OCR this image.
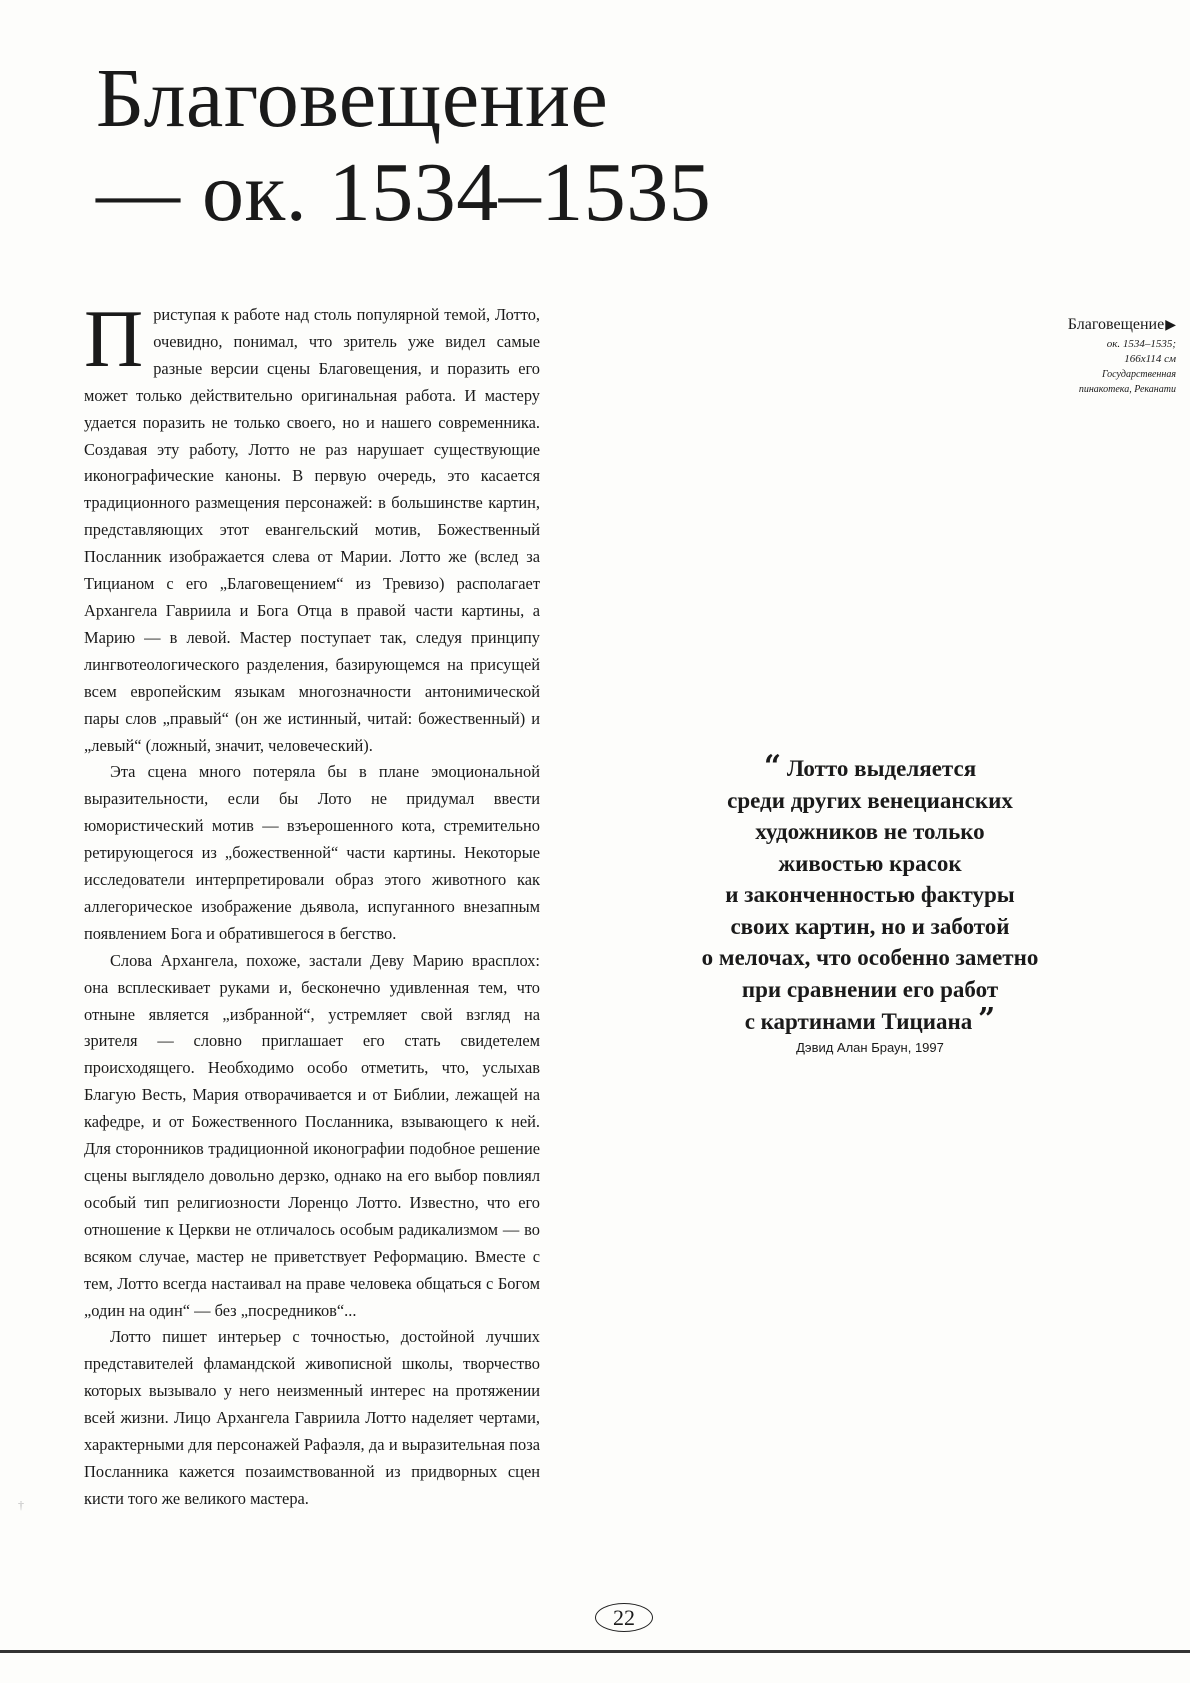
Благовещение
— ок. 1534–1535

Приступая к работе над столь популярной темой, Лотто, очевидно, понимал, что зритель уже видел самые разные версии сцены Благовещения, и поразить его может только действительно оригинальная работа. И мастеру удается поразить не только своего, но и нашего современника. Создавая эту работу, Лотто не раз нарушает существующие иконографические каноны. В первую очередь, это касается традиционного размещения персонажей: в большинстве картин, представляющих этот евангельский мотив, Божественный Посланник изображается слева от Марии. Лотто же (вслед за Тицианом с его „Благовещением“ из Тревизо) располагает Архангела Гавриила и Бога Отца в правой части картины, а Марию — в левой. Мастер поступает так, следуя принципу лингвотеологического разделения, базирующемся на присущей всем европейским языкам многозначности антонимической пары слов „правый“ (он же истинный, читай: божественный) и „левый“ (ложный, значит, человеческий).

Эта сцена много потеряла бы в плане эмоциональной выразительности, если бы Лото не придумал ввести юмористический мотив — взъерошенного кота, стремительно ретирующегося из „божественной“ части картины. Некоторые исследователи интерпретировали образ этого животного как аллегорическое изображение дьявола, испуганного внезапным появлением Бога и обратившегося в бегство.

Слова Архангела, похоже, застали Деву Марию врасплох: она всплескивает руками и, бесконечно удивленная тем, что отныне является „избранной“, устремляет свой взгляд на зрителя — словно приглашает его стать свидетелем происходящего. Необходимо особо отметить, что, услыхав Благую Весть, Мария отворачивается и от Библии, лежащей на кафедре, и от Божественного Посланника, взывающего к ней. Для сторонников традиционной иконографии подобное решение сцены выглядело довольно дерзко, однако на его выбор повлиял особый тип религиозности Лоренцо Лотто. Известно, что его отношение к Церкви не отличалось особым радикализмом — во всяком случае, мастер не приветствует Реформацию. Вместе с тем, Лотто всегда настаивал на праве человека общаться с Богом „один на один“ — без „посредников“...

Лотто пишет интерьер с точностью, достойной лучших представителей фламандской живописной школы, творчество которых вызывало у него неизменный интерес на протяжении всей жизни. Лицо Архангела Гавриила Лотто наделяет чертами, характерными для персонажей Рафаэля, да и выразительная поза Посланника кажется позаимствованной из придворных сцен кисти того же великого мастера.

Благовещение▶
ок. 1534–1535;
166x114 см
Государственная
пинакотека, Реканати
“ Лотто выделяется
среди других венецианских
художников не только
живостью красок
и законченностью фактуры
своих картин, но и заботой
о мелочах, что особенно заметно
при сравнении его работ
с картинами Тициана ”
Дэвид Алан Браун, 1997
†
22
